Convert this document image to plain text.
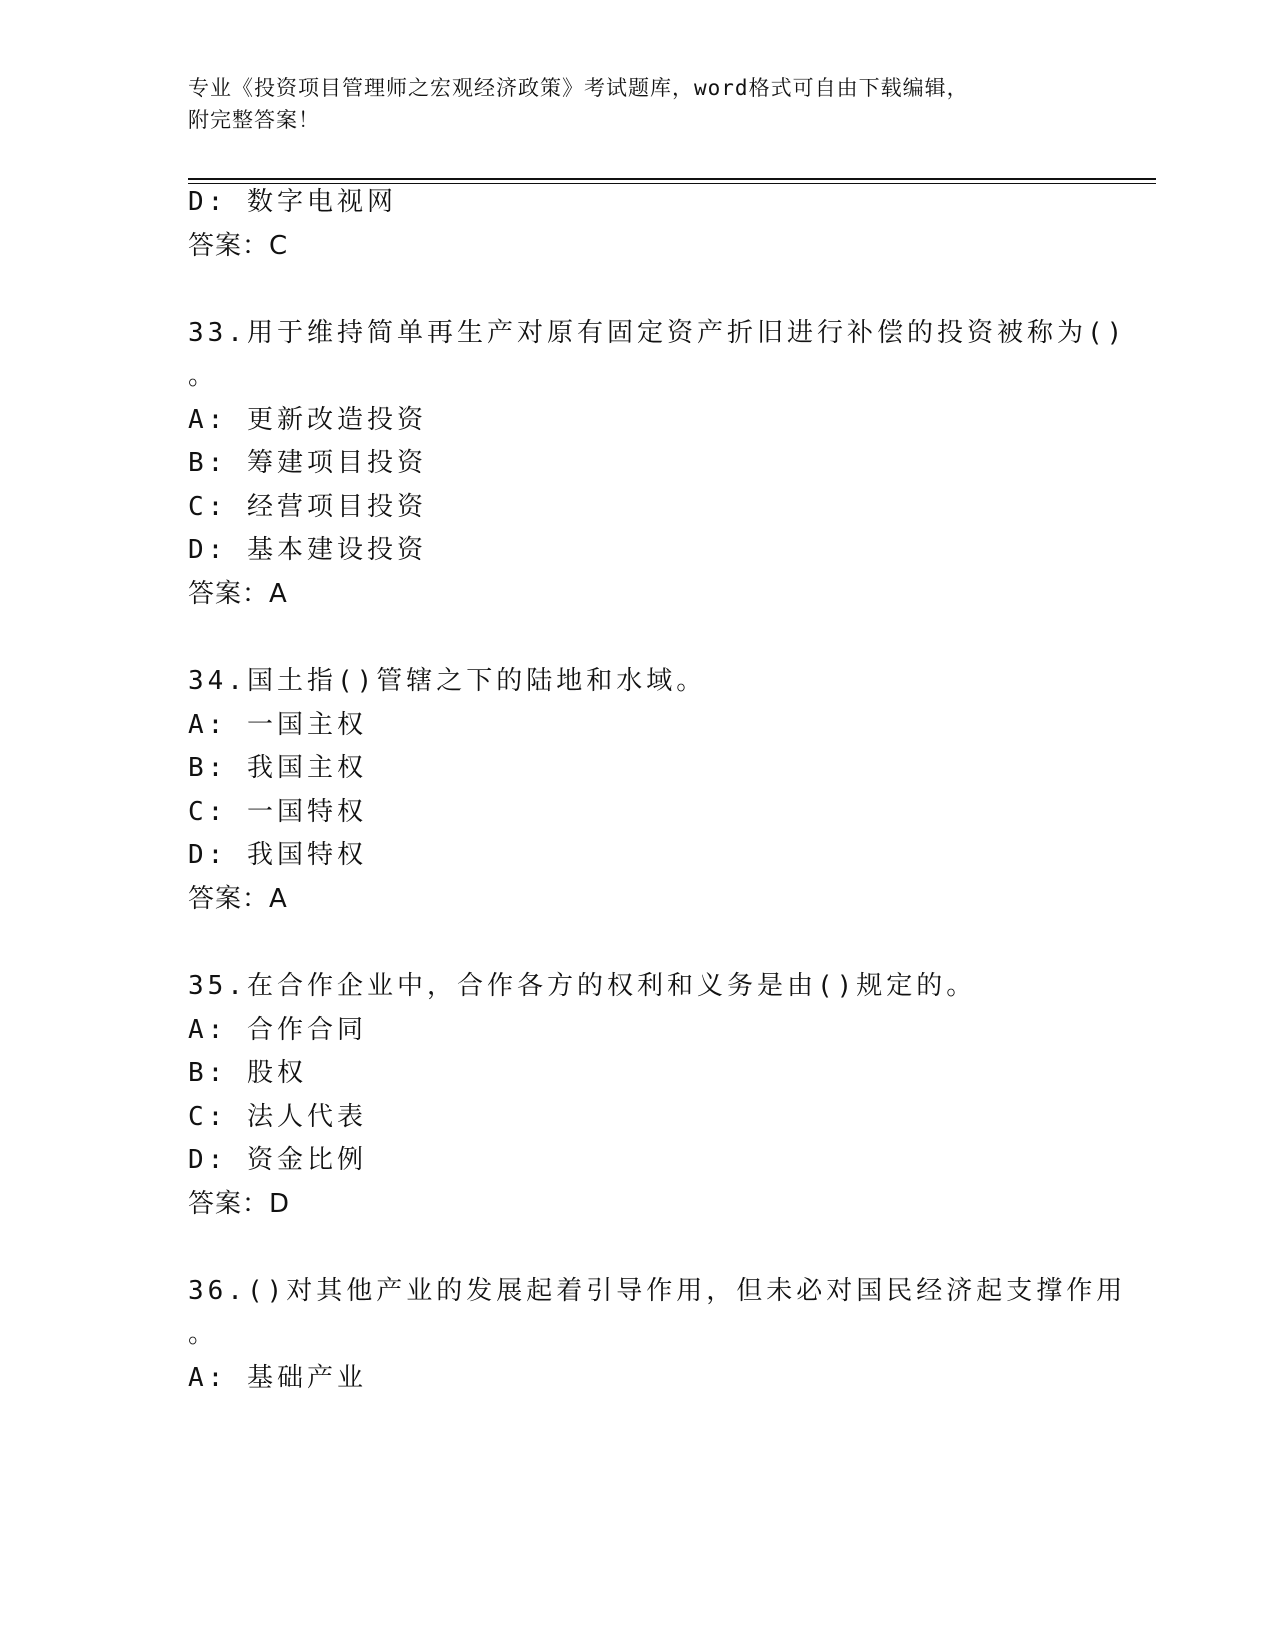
专业《投资项目管理师之宏观经济政策》考试题库，word格式可自由下载编辑，
附完整答案！
D: 数字电视网
答案：C
33.用于维持简单再生产对原有固定资产折旧进行补偿的投资被称为()
。
A: 更新改造投资
B: 筹建项目投资
C: 经营项目投资
D: 基本建设投资
答案：A
34.国土指()管辖之下的陆地和水域。
A: 一国主权
B: 我国主权
C: 一国特权
D: 我国特权
答案：A
35.在合作企业中，合作各方的权利和义务是由()规定的。
A: 合作合同
B: 股权
C: 法人代表
D: 资金比例
答案：D
36.()对其他产业的发展起着引导作用，但未必对国民经济起支撑作用
。
A: 基础产业
